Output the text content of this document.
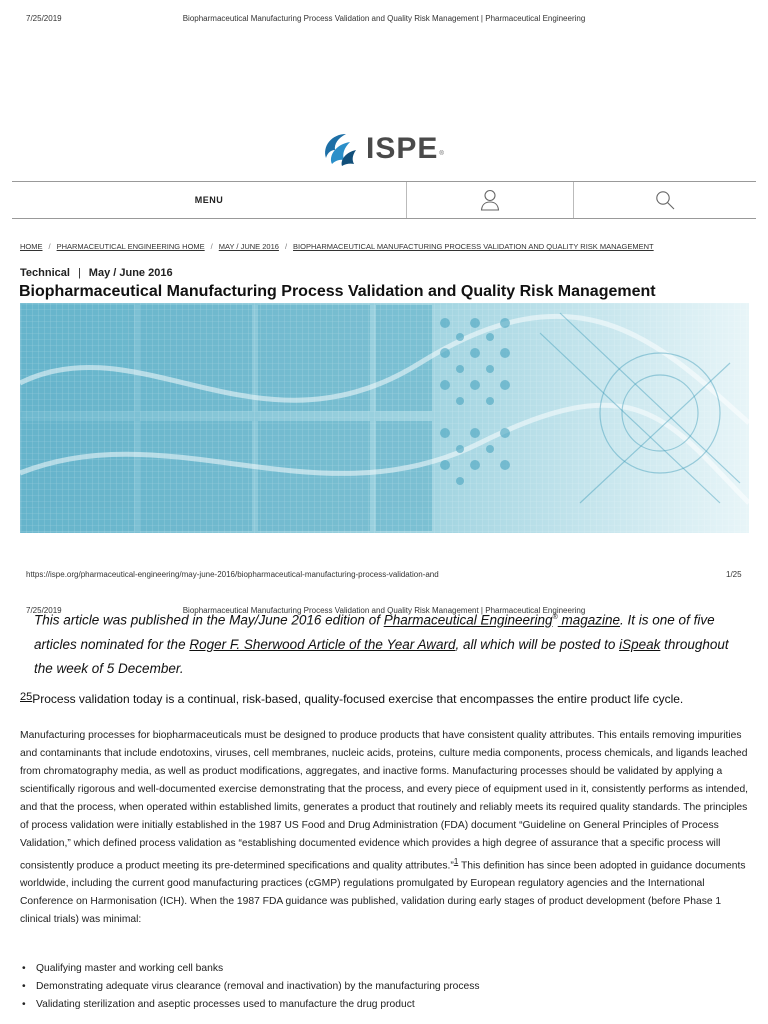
7/25/2019	Biopharmaceutical Manufacturing Process Validation and Quality Risk Management | Pharmaceutical Engineering
ISPE ®
MENU
HOME / PHARMACEUTICAL ENGINEERING HOME / MAY / JUNE 2016 / BIOPHARMACEUTICAL MANUFACTURING PROCESS VALIDATION AND QUALITY RISK MANAGEMENT
Technical | May / June 2016
Biopharmaceutical Manufacturing Process Validation and Quality Risk Management
https://ispe.org/pharmaceutical-engineering/may-june-2016/biopharmaceutical-manufacturing-process-validation-and	1/25
7/25/2019	Biopharmaceutical Manufacturing Process Validation and Quality Risk Management | Pharmaceutical Engineering
This article was published in the May/June 2016 edition of Pharmaceutical Engineering® magazine. It is one of five articles nominated for the Roger F. Sherwood Article of the Year Award, all which will be posted to iSpeak throughout the week of 5 December.
25Process validation today is a continual, risk-based, quality-focused exercise that encompasses the entire product life cycle.
Manufacturing processes for biopharmaceuticals must be designed to produce products that have consistent quality attributes. This entails removing impurities and contaminants that include endotoxins, viruses, cell membranes, nucleic acids, proteins, culture media components, process chemicals, and ligands leached from chromatography media, as well as product modifications, aggregates, and inactive forms. Manufacturing processes should be validated by applying a scientifically rigorous and well-documented exercise demonstrating that the process, and every piece of equipment used in it, consistently performs as intended, and that the process, when operated within established limits, generates a product that routinely and reliably meets its required quality standards. The principles of process validation were initially established in the 1987 US Food and Drug Administration (FDA) document “Guideline on General Principles of Process Validation,” which defined process validation as “establishing documented evidence which provides a high degree of assurance that a specific process will consistently produce a product meeting its pre-determined specifications and quality attributes.”$^1$ This definition has since been adopted in guidance documents worldwide, including the current good manufacturing practices (cGMP) regulations promulgated by European regulatory agencies and the International Conference on Harmonisation (ICH). When the 1987 FDA guidance was published, validation during early stages of product development (before Phase 1 clinical trials) was minimal:
• Qualifying master and working cell banks
• Demonstrating adequate virus clearance (removal and inactivation) by the manufacturing process
• Validating sterilization and aseptic processes used to manufacture the drug product
